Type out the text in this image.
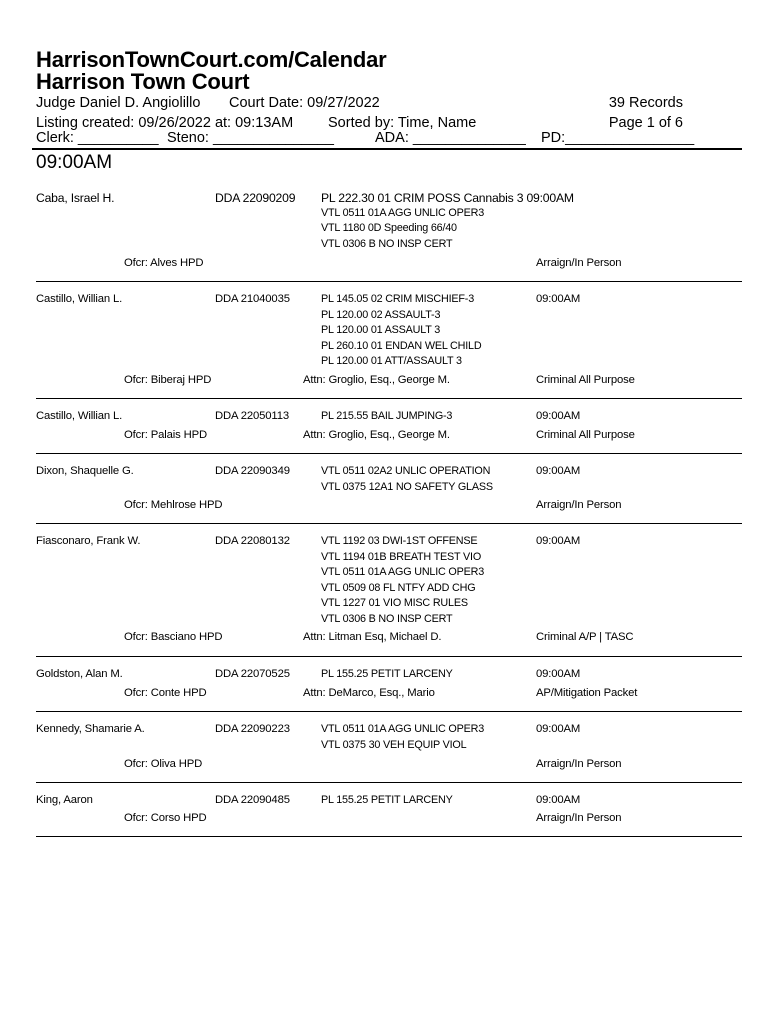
HarrisonTownCourt.com/Calendar
Harrison Town Court
Judge Daniel D. Angiolillo Court Date: 09/27/2022	39 Records
Listing created: 09/26/2022 at: 09:13AM Sorted by: Time, Name	Page 1 of 6
Clerk: __________ Steno: _______________	ADA: ______________ PD:________________
09:00AM
Caba, Israel H.	DDA 22090209 PL 222.30 01 CRIM POSS Cannabis 3 09:00AM
VTL 0511 01A AGG UNLIC OPER3
VTL 1180 0D Speeding 66/40
VTL 0306 B NO INSP CERT
Ofcr: Alves HPD	Arraign/In Person
Castillo, Willian L.	DDA 21040035	PL 145.05 02 CRIM MISCHIEF-3
PL 120.00 02 ASSAULT-3
PL 120.00 01 ASSAULT 3
PL 260.10 01 ENDAN WEL CHILD
PL 120.00 01 ATT/ASSAULT 3
09:00AM
Ofcr: Biberaj HPD	Attn: Groglio, Esq., George M.	Criminal All Purpose
Castillo, Willian L.	DDA 22050113	PL 215.55 BAIL JUMPING-3	09:00AM
Ofcr: Palais HPD	Attn: Groglio, Esq., George M.	Criminal All Purpose
Dixon, Shaquelle G.	DDA 22090349	VTL 0511 02A2 UNLIC OPERATION
VTL 0375 12A1 NO SAFETY GLASS
09:00AM
Ofcr: Mehlrose HPD	Arraign/In Person
Fiasconaro, Frank W.	DDA 22080132	VTL 1192 03 DWI-1ST OFFENSE
VTL 1194 01B BREATH TEST VIO
VTL 0511 01A AGG UNLIC OPER3
VTL 0509 08 FL NTFY ADD CHG
VTL 1227 01 VIO MISC RULES
VTL 0306 B NO INSP CERT
09:00AM
Ofcr: Basciano HPD	Attn: Litman Esq, Michael D.	Criminal A/P | TASC
Goldston, Alan M.	DDA 22070525	PL 155.25 PETIT LARCENY	09:00AM
Ofcr: Conte HPD	Attn: DeMarco, Esq., Mario	AP/Mitigation Packet
Kennedy, Shamarie A.	DDA 22090223	VTL 0511 01A AGG UNLIC OPER3
VTL 0375 30 VEH EQUIP VIOL
09:00AM
Ofcr: Oliva HPD	Arraign/In Person
King, Aaron	DDA 22090485	PL 155.25 PETIT LARCENY	09:00AM
Ofcr: Corso HPD	Arraign/In Person
